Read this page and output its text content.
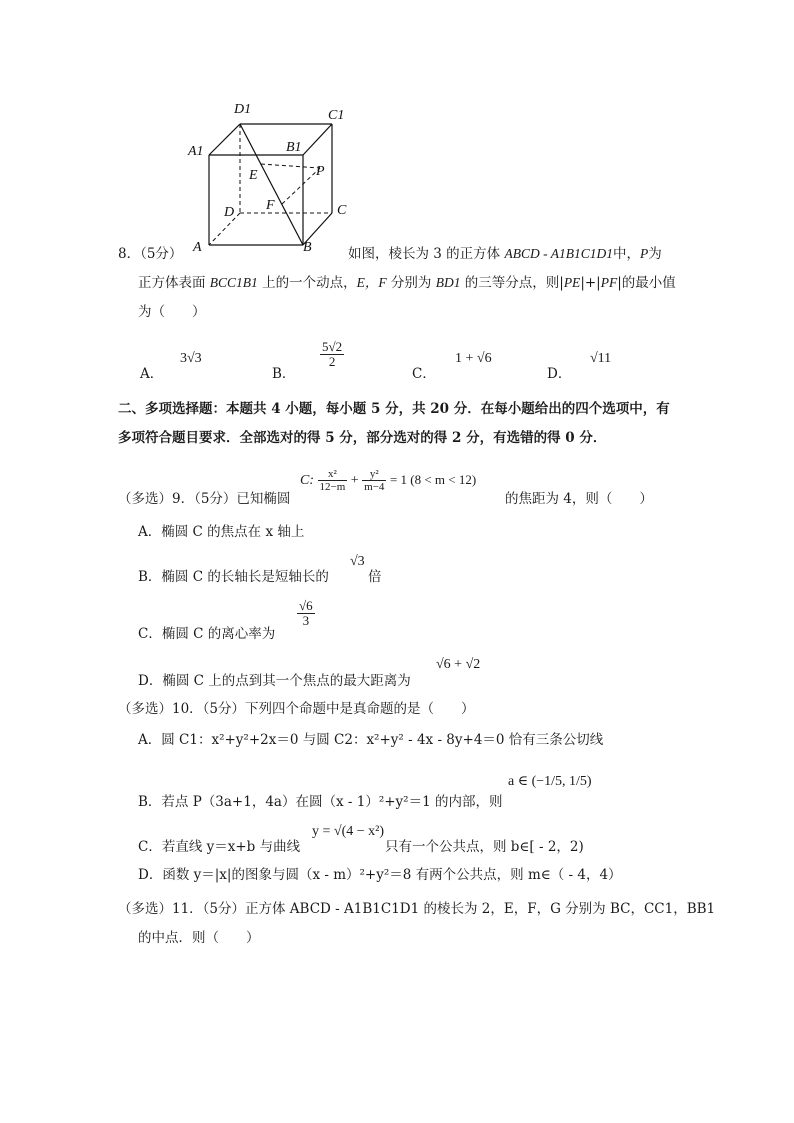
D1	C1
A1	B1
E	P
F
D	C
A	B
8．（5分）	如图，棱长为 3 的正方体 ABCD - A1B1C1D1中，P为
正方体表面 BCC1B1 上的一个动点，E，F 分别为 BD1 的三等分点，则|PE|+|PF|的最小值
为（　　）
A．
3√3
B．
$\frac{5√2}{2}$
C．
1 + √6
D．
√11
二、多项选择题：本题共 4 小题，每小题 5 分，共 20 分．在每小题给出的四个选项中，有
多项符合题目要求．全部选对的得 5 分，部分选对的得 2 分，有选错的得 0 分．
（多选）9．（5分）已知椭圆
C: $\frac{\text{x²}}{12-m} + \frac{\text{y²}}{m-4} = 1$ (8 < m < 12)
的焦距为 4，则（　　）
A．椭圆 C 的焦点在 x 轴上
B．椭圆 C 的长轴长是短轴长的
√3
倍
C．椭圆 C 的离心率为
$\frac{√6}{3}$
D．椭圆 C 上的点到其一个焦点的最大距离为
√6 + √2
（多选）10．（5分）下列四个命题中是真命题的是（　　）
A．圆 C1：x²+y²+2x＝0 与圆 C2：x²+y² - 4x - 8y+4＝0 恰有三条公切线
B．若点 P（3a+1，4a）在圆（x - 1）²+y²＝1 的内部，则
a ∈ (−1/5, 1/5)
C．若直线 y＝x+b 与曲线
y = √(4 − x²)
只有一个公共点，则 b∈[ - 2，2)
D．函数 y＝|x|的图象与圆（x - m）²+y²＝8 有两个公共点，则 m∈（ - 4，4）
（多选）11．（5分）正方体 ABCD - A1B1C1D1 的棱长为 2，E，F，G 分别为 BC，CC1，BB1
的中点．则（　　）
